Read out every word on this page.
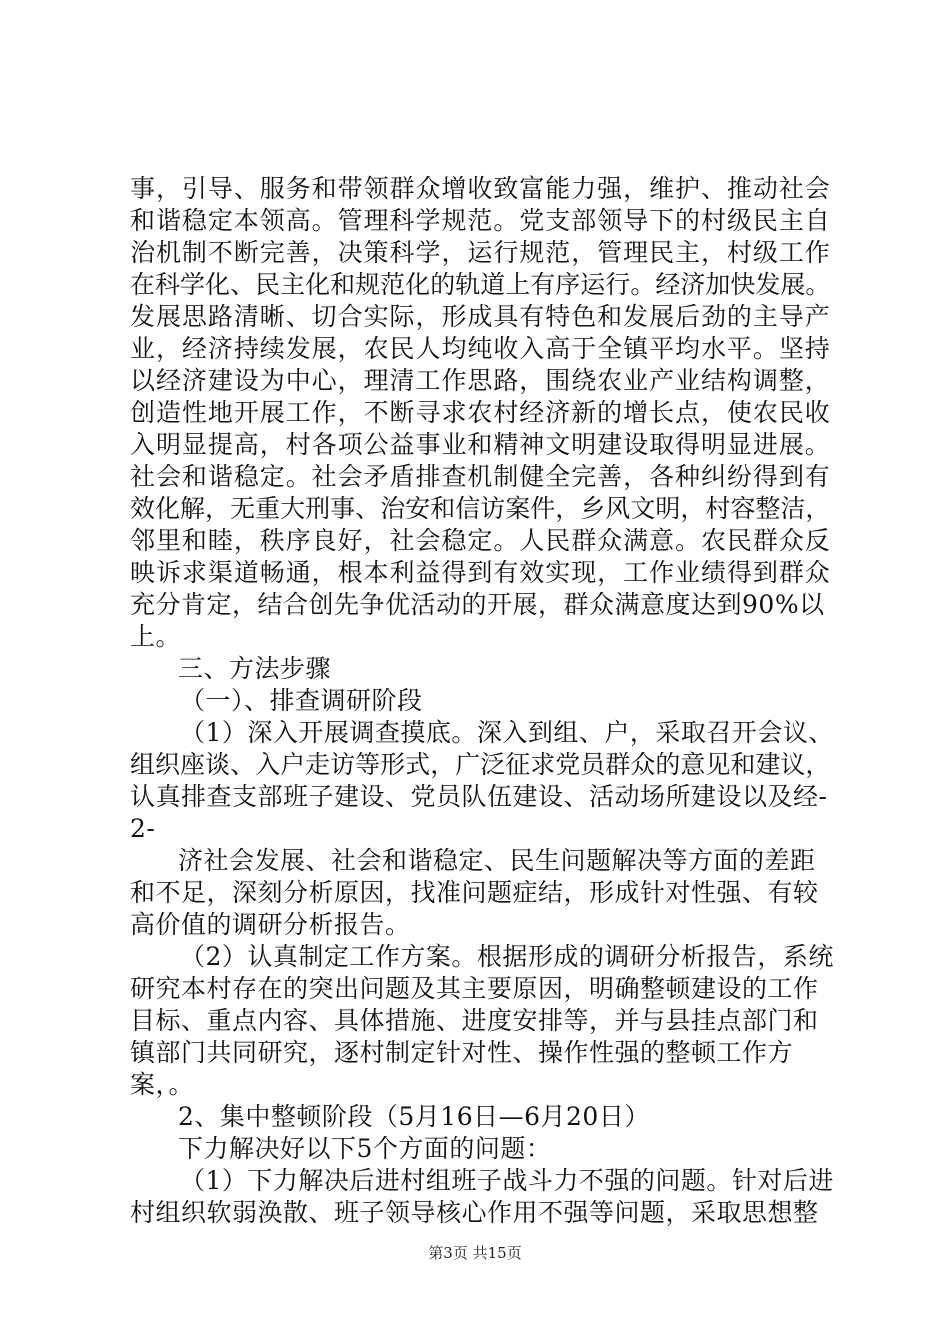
事 ， 引 导 、 服 务 和 带 领 群 众 增 收 致 富 能 力 强 ， 维 护 、 推 动 社 会
和 谐 稳 定 本 领 高 。 管 理 科 学 规 范 。 党 支 部 领 导 下 的 村 级 民 主 自
治 机 制 不 断 完 善 ， 决 策 科 学 ， 运 行 规 范 ， 管 理 民 主 ， 村 级 工 作
在 科 学 化 、 民 主 化 和 规 范 化 的 轨 道 上 有 序 运 行 。 经 济 加 快 发 展 。
发 展 思 路 清 晰 、 切 合 实 际 ， 形 成 具 有 特 色 和 发 展 后 劲 的 主 导 产
业 ， 经 济 持 续 发 展 ， 农 民 人 均 纯 收 入 高 于 全 镇 平 均 水 平 。 坚 持
以 经 济 建 设 为 中 心 ， 理 清 工 作 思 路 ， 围 绕 农 业 产 业 结 构 调 整 ，
创 造 性 地 开 展 工 作 ， 不 断 寻 求 农 村 经 济 新 的 增 长 点 ， 使 农 民 收
入 明 显 提 高 ， 村 各 项 公 益 事 业 和 精 神 文 明 建 设 取 得 明 显 进 展 。
社 会 和 谐 稳 定 。 社 会 矛 盾 排 查 机 制 健 全 完 善 ， 各 种 纠 纷 得 到 有
效 化 解 ， 无 重 大 刑 事 、 治 安 和 信 访 案 件 ， 乡 风 文 明 ， 村 容 整 洁 ，
邻 里 和 睦 ， 秩 序 良 好 ， 社 会 稳 定 。 人 民 群 众 满 意 。 农 民 群 众 反
映 诉 求 渠 道 畅 通 ， 根 本 利 益 得 到 有 效 实 现 ， 工 作 业 绩 得 到 群 众
充分肯定，结合创先争优活动的开展，群众满意度达到90%以
上。
三、方法步骤
（一）、排查调研阶段
（1）深入开展调查摸底。深入到组、户，采取召开会议、
组 织 座 谈 、 入 户 走 访 等 形 式 ， 广 泛 征 求 党 员 群 众 的 意 见 和 建 议 ，
认真排查支部班子建设、党员队伍建设、活动场所建设以及经-
2-
济社会发展、社会和谐稳定、民生问题解决等方面的差距
和不足，深刻分析原因，找准问题症结，形成针对性强、有较
高价值的调研分析报告。
（2）认真制定工作方案。根据形成的调研分析报告，系统
研究本村存在的突出问题及其主要原因，明确整顿建设的工作
目标、重点内容、具体措施、进度安排等，并与县挂点部门和
镇部门共同研究，逐村制定针对性、操作性强的整顿工作方
案，。
2、集中整顿阶段（5月16日—6月20日）
下力解决好以下5个方面的问题：
（1）下力解决后进村组班子战斗力不强的问题。针对后进
村组织软弱涣散、班子领导核心作用不强等问题，采取思想整
第3页 共15页
